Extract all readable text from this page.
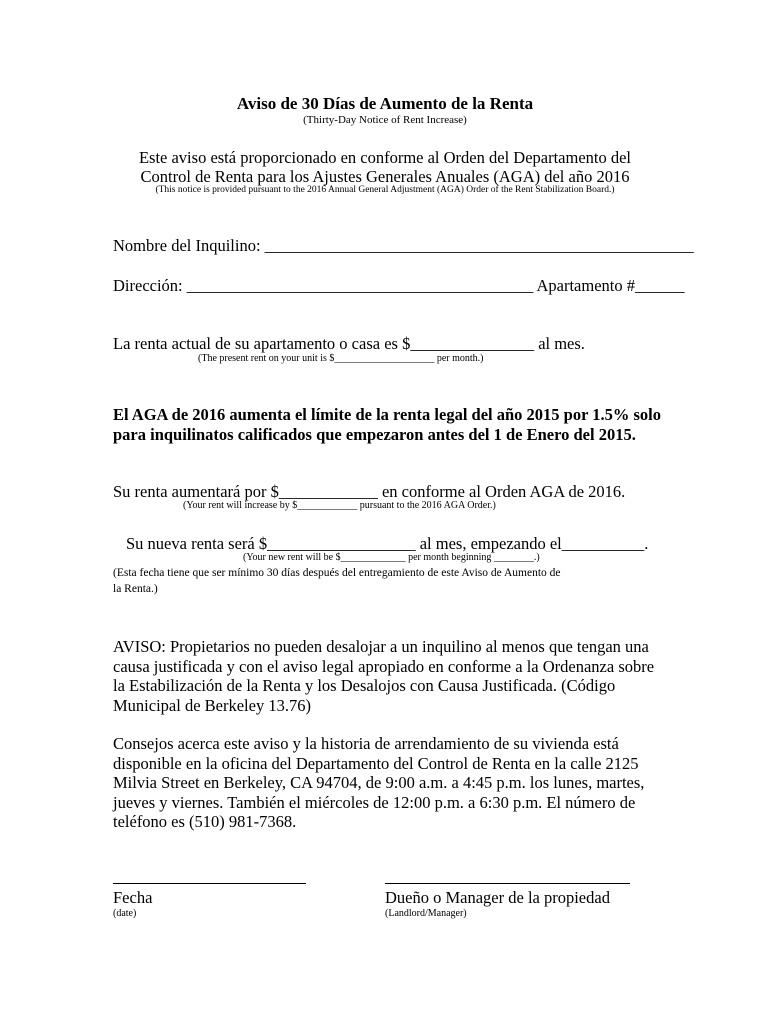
Aviso de 30 Días de Aumento de la Renta
(Thirty-Day Notice of Rent Increase)
Este aviso está proporcionado en conforme al Orden del Departamento del
Control de Renta para los Ajustes Generales Anuales (AGA) del año 2016
(This notice is provided pursuant to the 2016 Annual General Adjustment (AGA) Order of the Rent Stabilization Board.)
Nombre del Inquilino: ____________________________________________________
Dirección: __________________________________________ Apartamento #______
La renta actual de su apartamento o casa es $_______________ al mes.
(The present rent on your unit is $____________________ per month.)
El AGA de 2016 aumenta el límite de la renta legal del año 2015 por 1.5% solo
para inquilinatos calificados que empezaron antes del 1 de Enero del 2015.
Su renta aumentará por $____________ en conforme al Orden AGA de 2016.
(Your rent will increase by $____________ pursuant to the 2016 AGA Order.)
Su nueva renta será $__________________ al mes, empezando el__________.
(Your new rent will be $_____________ per month beginning ________.)
(Esta fecha tiene que ser mínimo 30 días después del entregamiento de este Aviso de Aumento de
la Renta.)
AVISO: Propietarios no pueden desalojar a un inquilino al menos que tengan una causa justificada y con el aviso legal apropiado en conforme a la Ordenanza sobre la Estabilización de la Renta y los Desalojos con Causa Justificada. (Código Municipal de Berkeley 13.76)
Consejos acerca este aviso y la historia de arrendamiento de su vivienda está disponible en la oficina del Departamento del Control de Renta en la calle 2125 Milvia Street en Berkeley, CA 94704, de 9:00 a.m. a 4:45 p.m. los lunes, martes, jueves y viernes. También el miércoles de 12:00 p.m. a 6:30 p.m. El número de teléfono es (510) 981-7368.
Fecha
(date)
Dueño o Manager de la propiedad
(Landlord/Manager)
